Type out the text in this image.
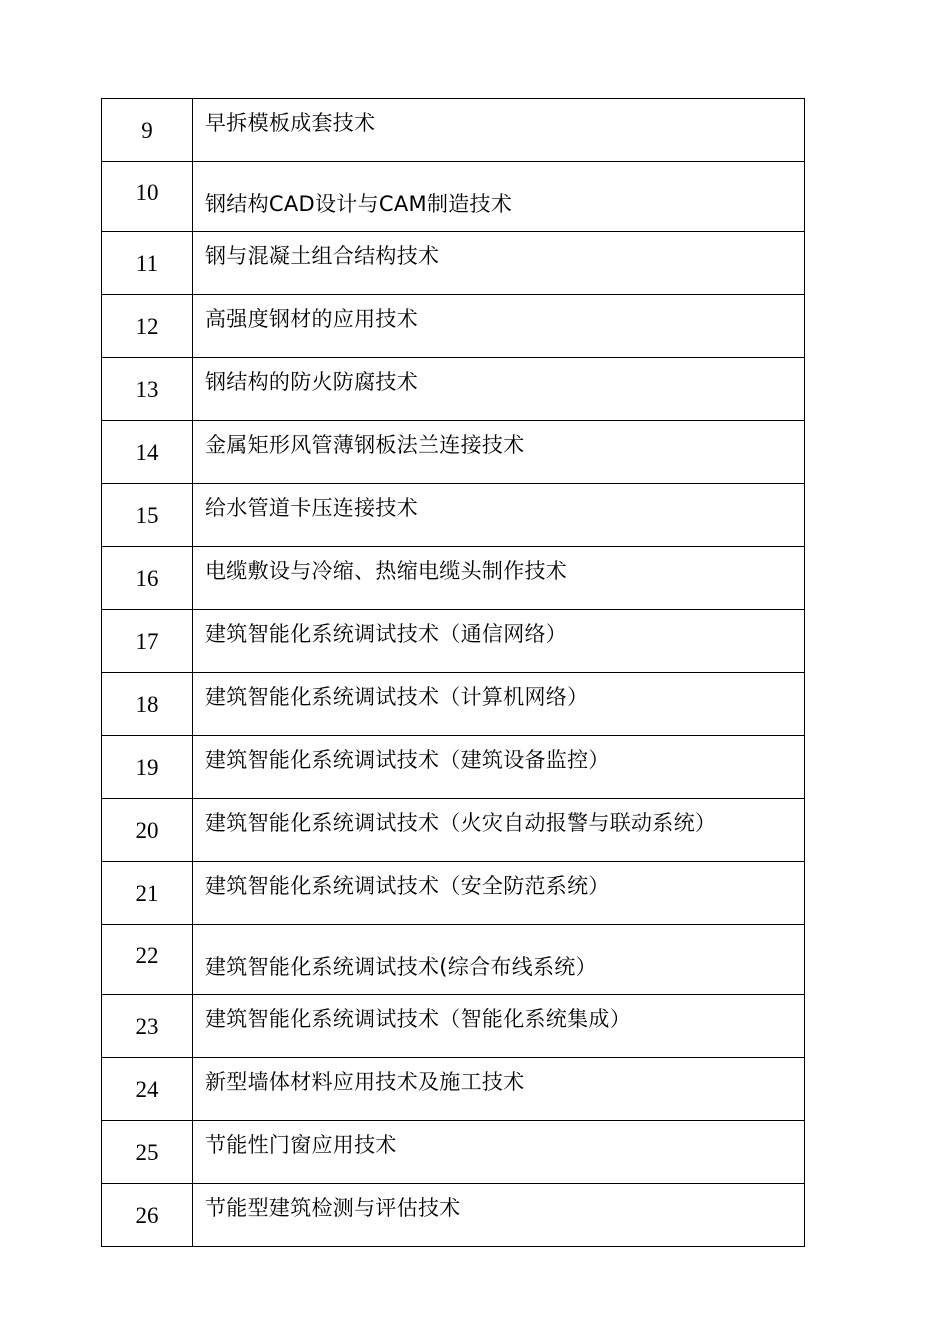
9	早拆模板成套技术

10	钢结构CAD设计与CAM制造技术

11	钢与混凝土组合结构技术

12	高强度钢材的应用技术

13	钢结构的防火防腐技术

14	金属矩形风管薄钢板法兰连接技术

15	给水管道卡压连接技术

16	电缆敷设与冷缩、热缩电缆头制作技术

17	建筑智能化系统调试技术（通信网络）

18	建筑智能化系统调试技术（计算机网络）

19	建筑智能化系统调试技术（建筑设备监控）

20	建筑智能化系统调试技术（火灾自动报警与联动系统）

21	建筑智能化系统调试技术（安全防范系统）

22	建筑智能化系统调试技术(综合布线系统）

23	建筑智能化系统调试技术（智能化系统集成）

24	新型墙体材料应用技术及施工技术

25	节能性门窗应用技术

26	节能型建筑检测与评估技术
